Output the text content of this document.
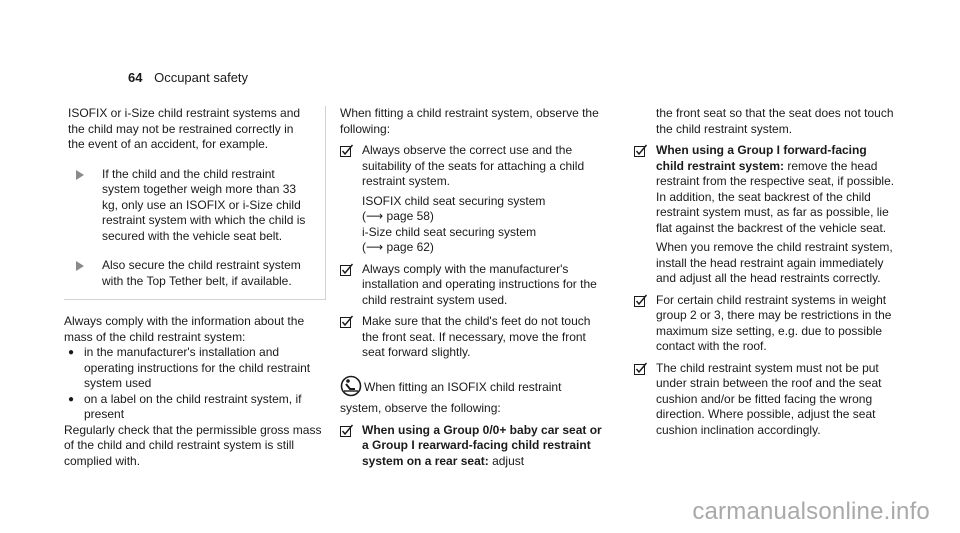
64 Occupant safety

ISOFIX or i-Size child restraint systems and the child may not be restrained correctly in the event of an accident, for example.

If the child and the child restraint system together weigh more than 33 kg, only use an ISOFIX or i-Size child restraint system with which the child is secured with the vehicle seat belt.

Also secure the child restraint system with the Top Tether belt, if available.

Always comply with the information about the mass of the child restraint system:

● in the manufacturer's installation and operating instructions for the child restraint system used

● on a label on the child restraint system, if present

Regularly check that the permissible gross mass of the child and child restraint system is still complied with.

When fitting a child restraint system, observe the following:

Always observe the correct use and the suitability of the seats for attaching a child restraint system.

ISOFIX child seat securing system
(⟶ page 58)

i-Size child seat securing system
(⟶ page 62)

Always comply with the manufacturer's installation and operating instructions for the child restraint system used.

Make sure that the child's feet do not touch the front seat. If necessary, move the front seat forward slightly.

When fitting an ISOFIX child restraint system, observe the following:

When using a Group 0/0+ baby car seat or a Group I rearward-facing child restraint system on a rear seat: adjust

the front seat so that the seat does not touch the child restraint system.

When using a Group I forward-facing child restraint system: remove the head restraint from the respective seat, if possible. In addition, the seat backrest of the child restraint system must, as far as possible, lie flat against the backrest of the vehicle seat.

When you remove the child restraint system, install the head restraint again immediately and adjust all the head restraints correctly.

For certain child restraint systems in weight group 2 or 3, there may be restrictions in the maximum size setting, e.g. due to possible contact with the roof.

The child restraint system must not be put under strain between the roof and the seat cushion and/or be fitted facing the wrong direction. Where possible, adjust the seat cushion inclination accordingly.

carmanualsonline.info
